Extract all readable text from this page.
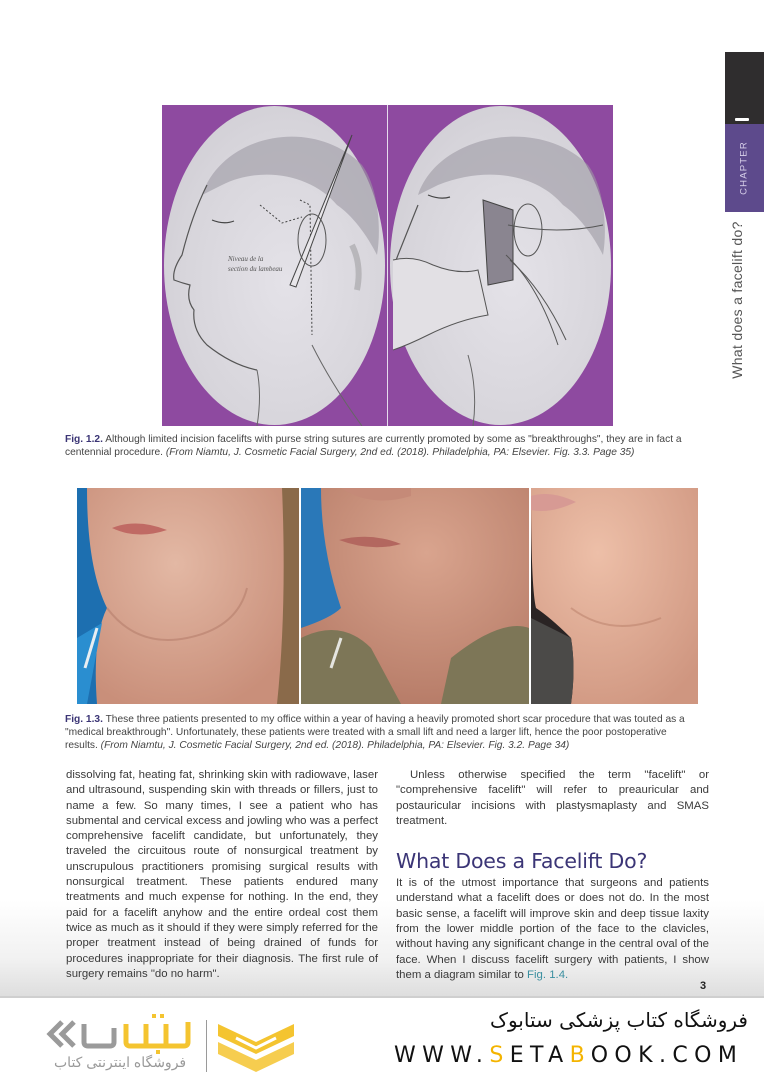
CHAPTER
What does a facelift do?
Niveau de la
section du lambeau
Fig. 1.2. Although limited incision facelifts with purse string sutures are currently promoted by some as "breakthroughs", they are in fact a centennial procedure. (From Niamtu, J. Cosmetic Facial Surgery, 2nd ed. (2018). Philadelphia, PA: Elsevier. Fig. 3.3. Page 35)
Fig. 1.3. These three patients presented to my office within a year of having a heavily promoted short scar procedure that was touted as a "medical breakthrough". Unfortunately, these patients were treated with a small lift and need a larger lift, hence the poor postoperative results. (From Niamtu, J. Cosmetic Facial Surgery, 2nd ed. (2018). Philadelphia, PA: Elsevier. Fig. 3.2. Page 34)

dissolving fat, heating fat, shrinking skin with radiowave, laser and ultrasound, suspending skin with threads or fillers, just to name a few. So many times, I see a patient who has submental and cervical excess and jowling who was a perfect comprehensive facelift candidate, but unfortunately, they traveled the circuitous route of nonsurgical treatment by unscrupulous practitioners promising surgical results with nonsurgical treatment. These patients endured many treatments and much expense for nothing. In the end, they paid for a facelift anyhow and the entire ordeal cost them twice as much as it should if they were simply referred for the proper treatment instead of being drained of funds for procedures inappropriate for their diagnosis. The first rule of surgery remains "do no harm".

Unless otherwise specified the term "facelift" or "comprehensive facelift" will refer to preauricular and postauricular incisions with plastysmaplasty and SMAS treatment.

What Does a Facelift Do?

It is of the utmost importance that surgeons and patients understand what a facelift does or does not do. In the most basic sense, a facelift will improve skin and deep tissue laxity from the lower middle portion of the face to the clavicles, without having any significant change in the central oval of the face. When I discuss facelift surgery with patients, I show them a diagram similar to Fig. 1.4.

3
فروشگاه اینترنتی کتاب
فروشگاه کتاب پزشکی ستابوک
WWW.SETABOOK.COM
